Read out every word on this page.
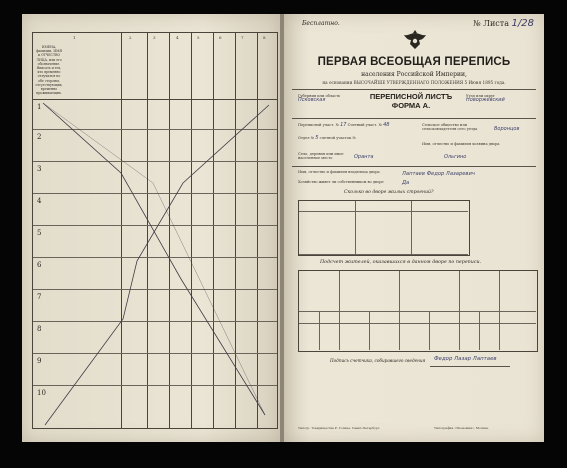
ИМЕНА, фамилии, ИМЯ и ОТЧЕСТВО ЛИЦА, или его обозначение. Вписать и тех, кто временно отлучился по обе стороны, отсутствующих, временно проживающих.
1	2	3	4	5	6	7	8
1
2
3
4
5
6
7
8
9
10
Бесплатно.	№ Листа 1/28
ПЕРВАЯ ВСЕОБЩАЯ ПЕРЕПИСЬ
населения Российской Империи,
на основании ВЫСОЧАЙШЕ УТВЕРЖДЕННАГО ПОЛОЖЕНИЯ 5 Июня 1895 года.
Губерния или область
Псковская	ПЕРЕПИСНОЙ ЛИСТЪ
ФОРМА А.
Уезд или округ
Новоржевский
Переписной участ. № 17 Счетный участ. № 48
Отдел № 5 счетной участок №
Село, деревня или иное населенное место	Оранта
Сельское общество или сельсковладетеля сего уезда	Воронцов
Имя, отчество и фамилия хозяина двора
Ольгино
Имя, отчество и фамилия владельца двора	Лаптаев Федор Лазаревич
Хозяйство живет ли собственником во дворе	Да
Сколько во дворе жилых строений?
Подсчет жителей, оказавшихся в данном дворе по переписи.
Подпись счетчика, собиравшего сведения Федор Лазар Лаптаев
Типогр. Товарищества Р. Голике, Санкт-Петербург.	Типография «Экономия», Москва.
